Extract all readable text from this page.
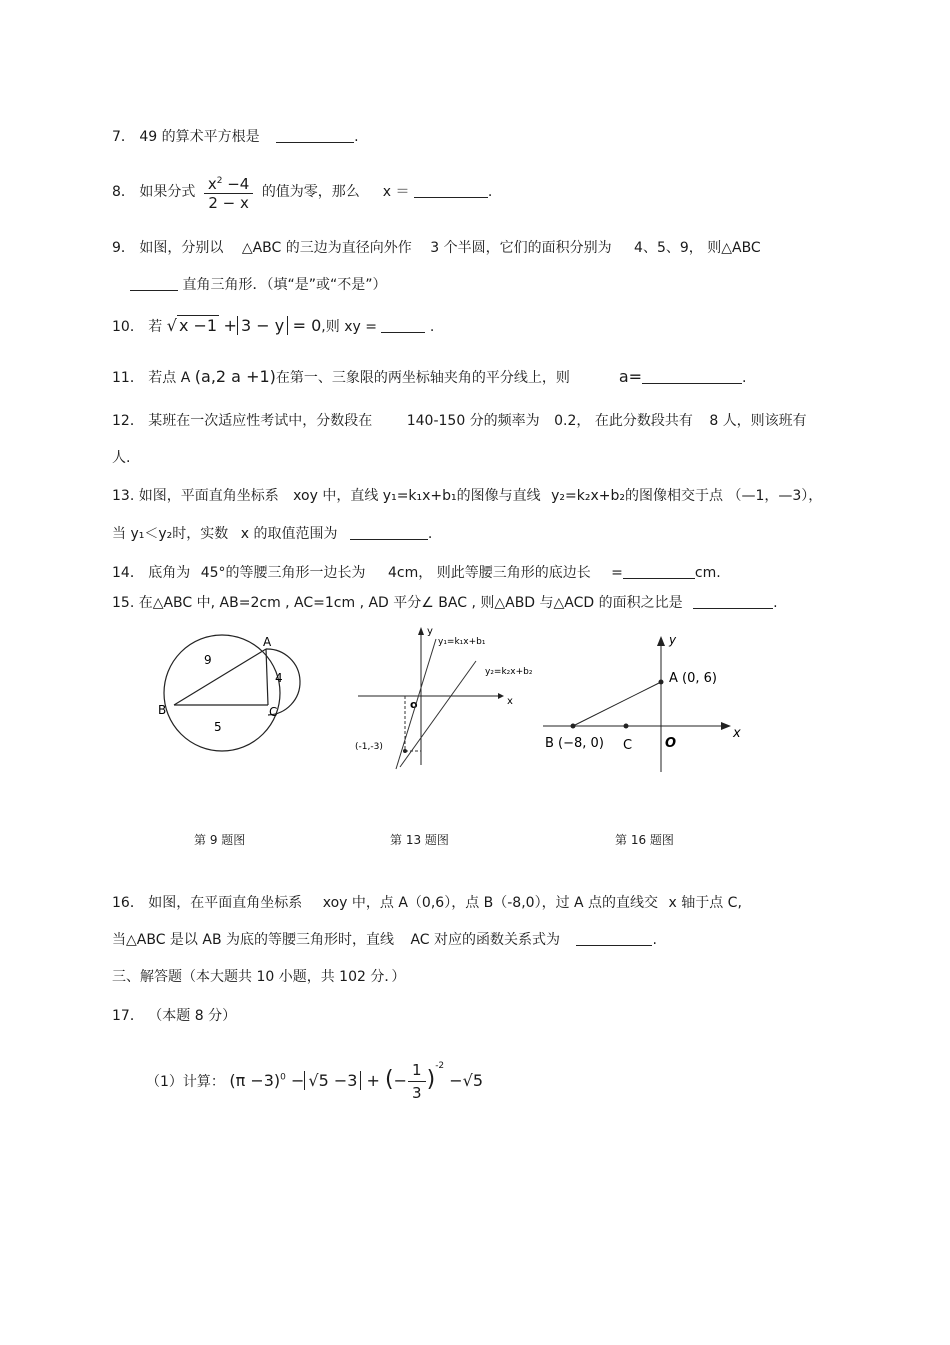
7． 49 的算术平方根是	.
8． 如果分式 $\frac{x^2 -4}{2 - x}$ 的值为零，那么 x ＝	.
9． 如图，分别以 △ABC 的三边为直径向外作 3 个半圆，它们的面积分别为 4、5、9， 则△ABC
直角三角形．（填“是”或“不是”）
10． 若 √ x −1 + 3 − y = 0,则 xy =	.
11． 若点 A (a,2 a +1)在第一、三象限的两坐标轴夹角的平分线上，则	a=	.
12． 某班在一次适应性考试中，分数段在 140-150 分的频率为 0.2， 在此分数段共有 8 人，则该班有
人.
13. 如图，平面直角坐标系 xoy 中，直线 y₁=k₁x+b₁的图像与直线 y₂=k₂x+b₂的图像相交于点 （—1，—3），
当 y₁＜y₂时，实数 x 的取值范围为	.
14． 底角为 45°的等腰三角形一边长为 4cm， 则此等腰三角形的底边长 =	cm.
15. 在△ABC 中, AB=2cm , AC=1cm , AD 平分∠ BAC , 则△ABD 与△ACD 的面积之比是	.
9
4
5
A
B	C
第 9 题图
y
x
o
y₁=k₁x+b₁
y₂=k₂x+b₂
(-1,-3)
第 13 题图
y
x
A (0, 6)
B (−8, 0) C	O
第 16 题图
16． 如图，在平面直角坐标系 xoy 中，点 A（0,6），点 B（-8,0），过 A 点的直线交 x 轴于点 C,
当△ABC 是以 AB 为底的等腰三角形时，直线 AC 对应的函数关系式为	.
三、解答题（本大题共 10 小题，共 102 分．）
17． （本题 8 分）
（1）计算： $(\pi -3)^0 - √5 -3$ + (− $\frac{1}{3} )^{-2} -√5$
